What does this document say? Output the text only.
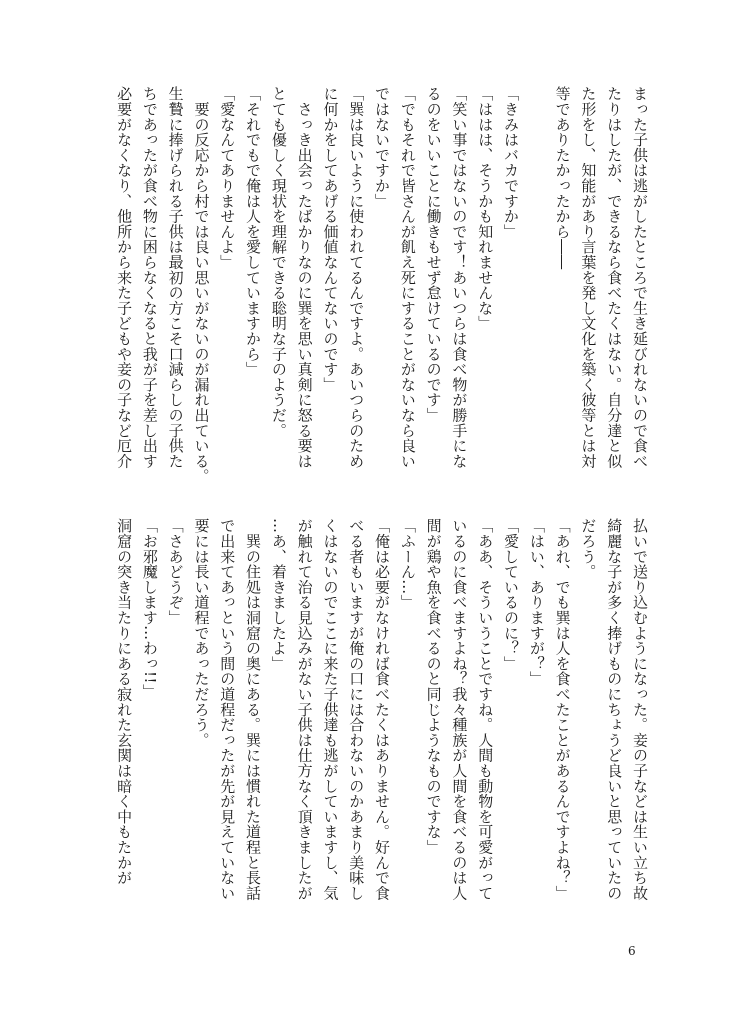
まった子供は逃がしたところで生き延びれないので食べ
たりはしたが、できるなら食べたくはない。自分達と似
た形をし、知能があり言葉を発し文化を築く彼等とは対
等でありたかったから――

「きみはバカですか」
「ははは、そうかも知れませんな」
「笑い事ではないのです！あいつらは食べ物が勝手にな
るのをいいことに働きもせず怠けているのです」
「でもそれで皆さんが飢え死にすることがないなら良い
ではないですか」
「巽は良いように使われてるんですよ。あいつらのため
に何かをしてあげる価値なんてないのです」
　さっき出会ったばかりなのに巽を思い真剣に怒る要は
とても優しく現状を理解できる聡明な子のようだ。
「それでもで俺は人を愛していますから」
「愛なんてありませんよ」
　要の反応から村では良い思いがないのが漏れ出ている。
生贄に捧げられる子供は最初の方こそ口減らしの子供た
ちであったが食べ物に困らなくなると我が子を差し出す
必要がなくなり、他所から来た子どもや妾の子など厄介
払いで送り込むようになった。妾の子などは生い立ち故
綺麗な子が多く捧げものにちょうど良いと思っていたの
だろう。
「あれ、でも巽は人を食べたことがあるんですよね？」
「はい、ありますが？」
「愛しているのに？」
「ああ、そういうことですね。人間も動物を可愛がって
いるのに食べますよね？我々種族が人間を食べるのは人
間が鶏や魚を食べるのと同じようなものですな」
「ふーん…」
「俺は必要がなければ食べたくはありません。好んで食
べる者もいますが俺の口には合わないのかあまり美味し
くはないのでここに来た子供達も逃がしていますし、気
が触れて治る見込みがない子供は仕方なく頂きましたが
…あ、着きましたよ」
　巽の住処は洞窟の奥にある。巽には慣れた道程と長話
で出来てあっという間の道程だったが先が見えていない
要には長い道程であっただろう。
「さあどうぞ」
「お邪魔します…わっ!!」
洞窟の突き当たりにある寂れた玄関は暗く中もたかが
6
